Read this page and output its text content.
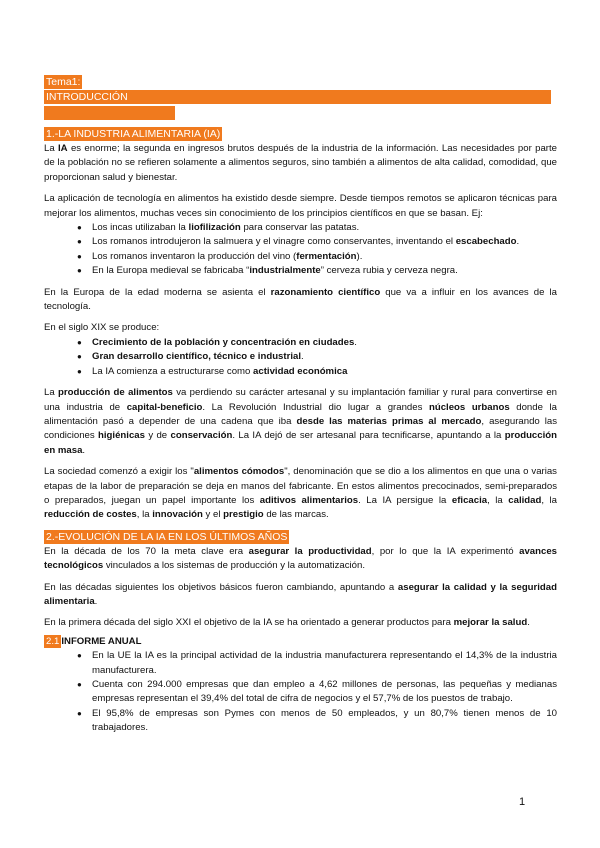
Tema1:
INTRODUCCIÓN
1.-LA INDUSTRIA ALIMENTARIA (IA)

La IA es enorme; la segunda en ingresos brutos después de la industria de la información. Las necesidades por parte de la población no se refieren solamente a alimentos seguros, sino también a alimentos de alta calidad, comodidad, que proporcionan salud y bienestar.

La aplicación de tecnología en alimentos ha existido desde siempre. Desde tiempos remotos se aplicaron técnicas para mejorar los alimentos, muchas veces sin conocimiento de los principios científicos en que se basan. Ej:

● Los incas utilizaban la liofilización para conservar las patatas.
● Los romanos introdujeron la salmuera y el vinagre como conservantes, inventando el escabechado.
● Los romanos inventaron la producción del vino (fermentación).
● En la Europa medieval se fabricaba “industrialmente” cerveza rubia y cerveza negra.

En la Europa de la edad moderna se asienta el razonamiento científico que va a influir en los avances de la tecnología.

En el siglo XIX se produce:

● Crecimiento de la población y concentración en ciudades.
● Gran desarrollo científico, técnico e industrial.
● La IA comienza a estructurarse como actividad económica

La producción de alimentos va perdiendo su carácter artesanal y su implantación familiar y rural para convertirse en una industria de capital-beneficio. La Revolución Industrial dio lugar a grandes núcleos urbanos donde la alimentación pasó a depender de una cadena que iba desde las materias primas al mercado, asegurando las condiciones higiénicas y de conservación. La IA dejó de ser artesanal para tecnificarse, apuntando a la producción en masa.

La sociedad comenzó a exigir los "alimentos cómodos", denominación que se dio a los alimentos en que una o varias etapas de la labor de preparación se deja en manos del fabricante. En estos alimentos precocinados, semi-preparados o preparados, juegan un papel importante los aditivos alimentarios. La IA persigue la eficacia, la calidad, la reducción de costes, la innovación y el prestigio de las marcas.

2.-EVOLUCIÓN DE LA IA EN LOS ÚLTIMOS AÑOS

En la década de los 70 la meta clave era asegurar la productividad, por lo que la IA experimentó avances tecnológicos vinculados a los sistemas de producción y la automatización.

En las décadas siguientes los objetivos básicos fueron cambiando, apuntando a asegurar la calidad y la seguridad alimentaria.

En la primera década del siglo XXI el objetivo de la IA se ha orientado a generar productos para mejorar la salud.

2.1 INFORME ANUAL

● En la UE la IA es la principal actividad de la industria manufacturera representando el 14,3% de la industria manufacturera.
● Cuenta con 294.000 empresas que dan empleo a 4,62 millones de personas, las pequeñas y medianas empresas representan el 39,4% del total de cifra de negocios y el 57,7% de los puestos de trabajo.
● El 95,8% de empresas son Pymes con menos de 50 empleados, y un 80,7% tienen menos de 10 trabajadores.
1
